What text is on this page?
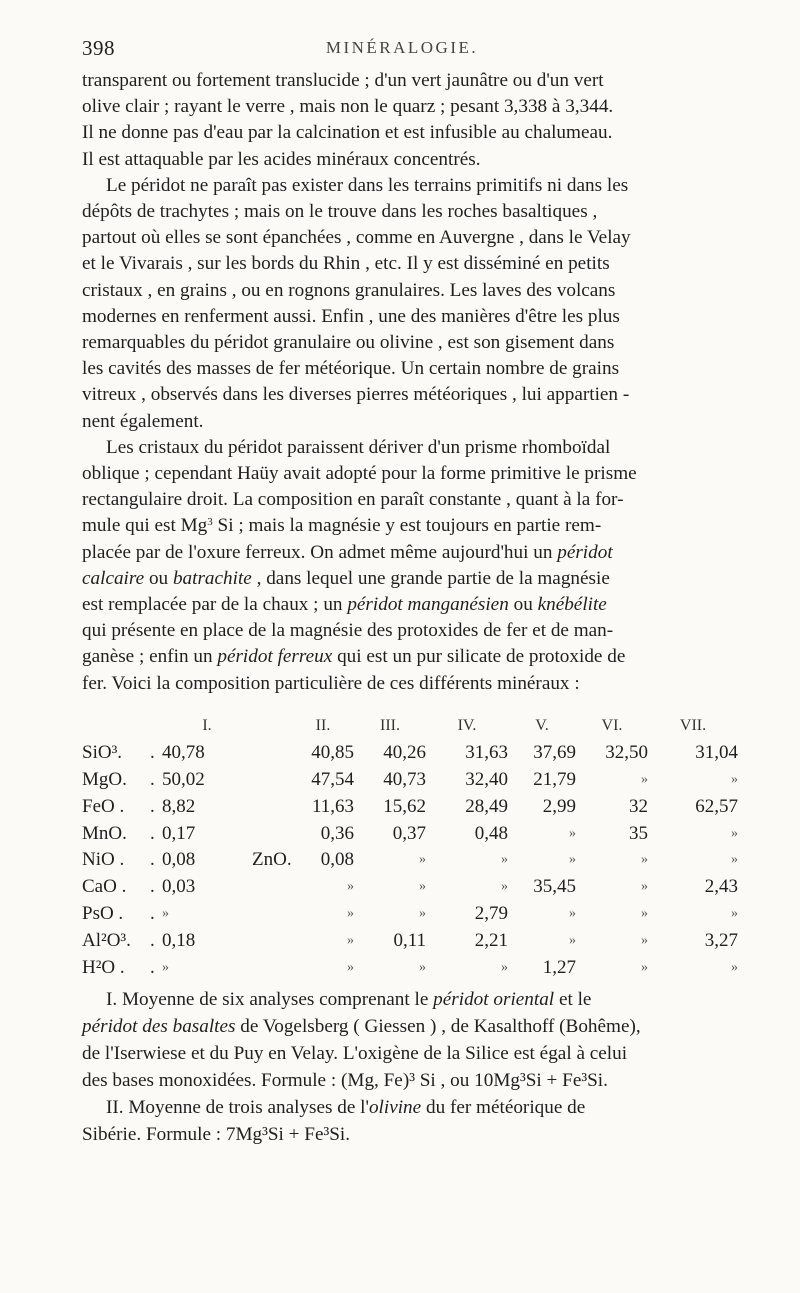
398	MINÉRALOGIE.

transparent ou fortement translucide ; d'un vert jaunâtre ou d'un vert
olive clair ; rayant le verre , mais non le quarz ; pesant 3,338 à 3,344.
Il ne donne pas d'eau par la calcination et est infusible au chalumeau.
Il est attaquable par les acides minéraux concentrés.

Le péridot ne paraît pas exister dans les terrains primitifs ni dans les
dépôts de trachytes ; mais on le trouve dans les roches basaltiques ,
partout où elles se sont épanchées , comme en Auvergne , dans le Velay
et le Vivarais , sur les bords du Rhin , etc. Il y est disséminé en petits
cristaux , en grains , ou en rognons granulaires. Les laves des volcans
modernes en renferment aussi. Enfin , une des manières d'être les plus
remarquables du péridot granulaire ou olivine , est son gisement dans
les cavités des masses de fer météorique. Un certain nombre de grains
vitreux , observés dans les diverses pierres météoriques , lui appartien -
nent également.

Les cristaux du péridot paraissent dériver d'un prisme rhomboïdal
oblique ; cependant Haüy avait adopté pour la forme primitive le prisme
rectangulaire droit. La composition en paraît constante , quant à la for-
mule qui est Mg$^3$ Si ; mais la magnésie y est toujours en partie rem-
placée par de l'oxure ferreux. On admet même aujourd'hui un péridot
calcaire ou batrachite , dans lequel une grande partie de la magnésie
est remplacée par de la chaux ; un péridot manganésien ou knébélite
qui présente en place de la magnésie des protoxides de fer et de man-
ganèse ; enfin un péridot ferreux qui est un pur silicate de protoxide de
fer. Voici la composition particulière de ces différents minéraux :

		I.		II.	III.	IV.	V.	VI.	VII.
SiO³.	.	40,78		40,85	40,26	31,63	37,69	32,50	31,04
MgO.	.	50,02		47,54	40,73	32,40	21,79	»	»
FeO .	.	8,82		11,63	15,62	28,49	2,99	32	62,57
MnO.	.	0,17		0,36	0,37	0,48	»	35	»
NiO .	.	0,08	ZnO.	0,08	»	»	»	»	»
CaO .	.	0,03		»	»	»	35,45	»	2,43
PsO .	.	»		»	»	2,79	»	»	»
Al²O³.	.	0,18		»	0,11	2,21	»	»	3,27
H²O .	.	»		»	»	»	1,27	»	»

I. Moyenne de six analyses comprenant le péridot oriental et le
péridot des basaltes de Vogelsberg ( Giessen ) , de Kasalthoff (Bohême),
de l'Iserwiese et du Puy en Velay. L'oxigène de la Silice est égal à celui
des bases monoxidées. Formule : (Mg, Fe)³ Si , ou 10Mg³Si + Fe³Si.

II. Moyenne de trois analyses de l'olivine du fer météorique de
Sibérie. Formule : 7Mg³Si + Fe³Si.
